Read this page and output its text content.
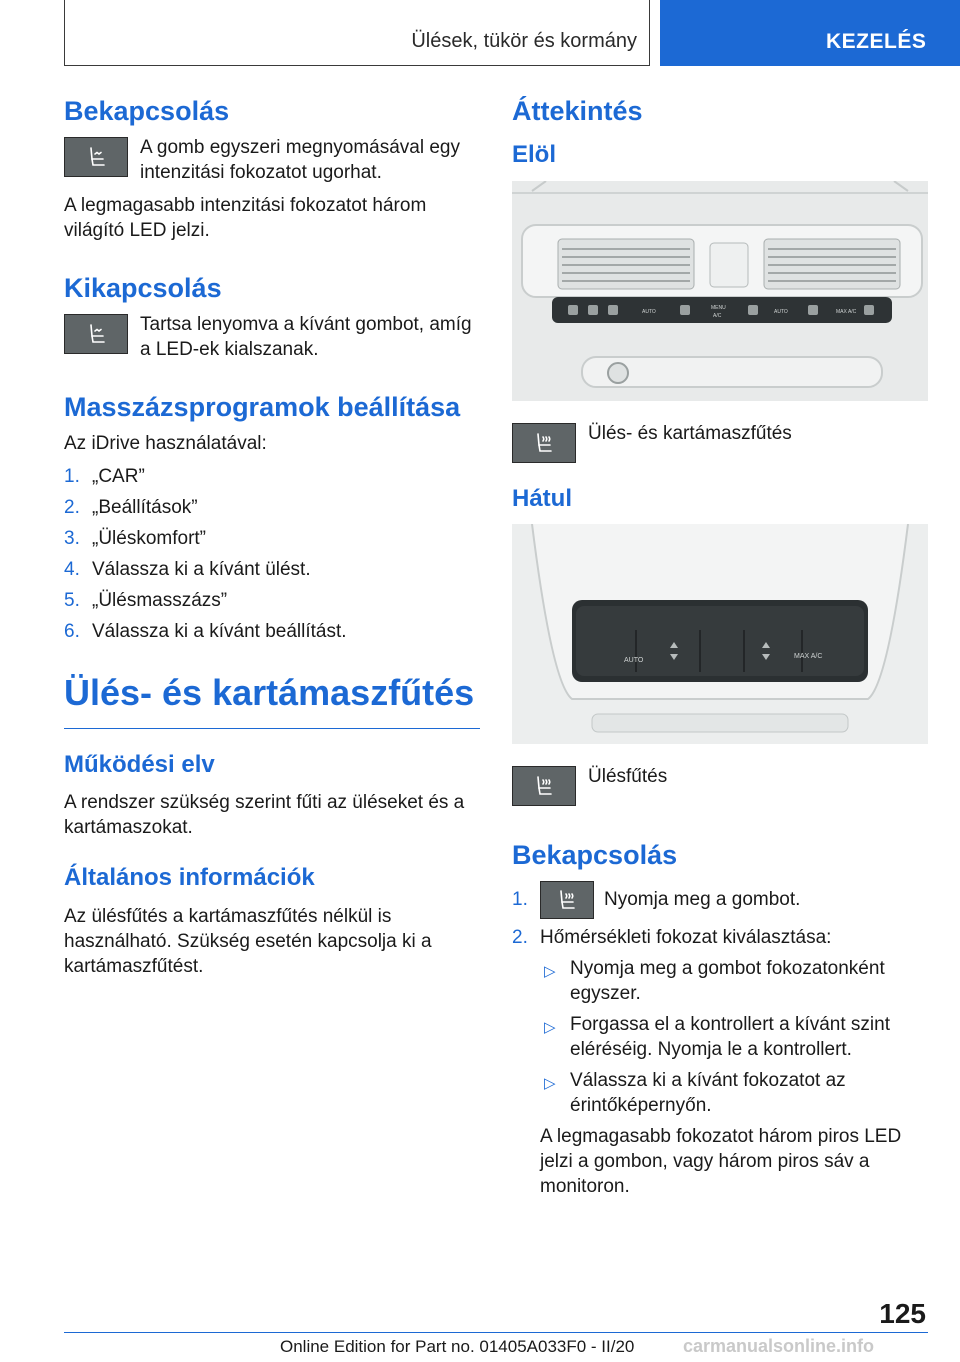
Ülések, tükör és kormány	KEZELÉS
Bekapcsolás

A gomb egyszeri megnyomásával egy intenzitási fokozatot ugorhat.

A legmagasabb intenzitási fokozatot három világító LED jelzi.

Kikapcsolás

Tartsa lenyomva a kívánt gombot, amíg a LED-ek kialszanak.

Masszázsprogramok beállítása

Az iDrive használatával:

1. „CAR”
2. „Beállítások”
3. „Üléskomfort”
4. Válassza ki a kívánt ülést.
5. „Ülésmasszázs”
6. Válassza ki a kívánt beállítást.
Ülés- és kartámaszfűtés
Működési elv

A rendszer szükség szerint fűti az üléseket és a kartámaszokat.

Általános információk

Az ülésfűtés a kartámaszfűtés nélkül is használható. Szükség esetén kapcsolja ki a kartámaszfűtést.

Áttekintés
Elöl
AUTO
MENU
A/C
AUTO	MAX A/C

Ülés- és kartámaszfűtés

Hátul
AUTO
MAX A/C

Ülésfűtés

Bekapcsolás
1.	Nyomja meg a gombot.
2. Hőmérsékleti fokozat kiválasztása:
▷ Nyomja meg a gombot fokozatonként egyszer.
▷ Forgassa el a kontrollert a kívánt szint eléréséig. Nyomja le a kontrollert.
▷ Válassza ki a kívánt fokozatot az érintőképernyőn.

A legmagasabb fokozatot három piros LED jelzi a gombon, vagy három piros sáv a monitoron.

125
Online Edition for Part no. 01405A033F0 - II/20	carmanualsonline.info
